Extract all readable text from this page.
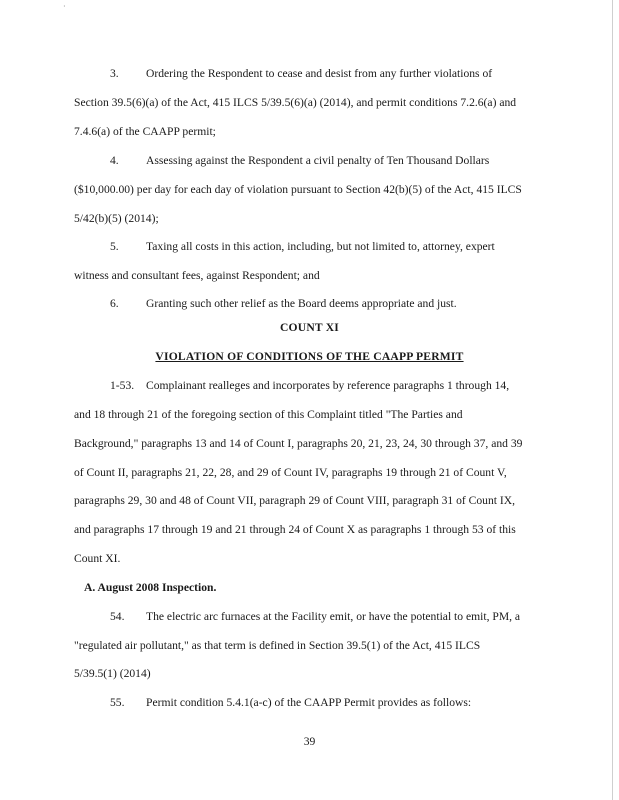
·
3. Ordering the Respondent to cease and desist from any further violations of
Section 39.5(6)(a) of the Act, 415 ILCS 5/39.5(6)(a) (2014), and permit conditions 7.2.6(a) and
7.4.6(a) of the CAAPP permit;
4. Assessing against the Respondent a civil penalty of Ten Thousand Dollars
($10,000.00) per day for each day of violation pursuant to Section 42(b)(5) of the Act, 415 ILCS
5/42(b)(5) (2014);
5. Taxing all costs in this action, including, but not limited to, attorney, expert
witness and consultant fees, against Respondent; and
6. Granting such other relief as the Board deems appropriate and just.
COUNT XI
VIOLATION OF CONDITIONS OF THE CAAPP PERMIT
1-53. Complainant realleges and incorporates by reference paragraphs 1 through 14,
and 18 through 21 of the foregoing section of this Complaint titled "The Parties and
Background," paragraphs 13 and 14 of Count I, paragraphs 20, 21, 23, 24, 30 through 37, and 39
of Count II, paragraphs 21, 22, 28, and 29 of Count IV, paragraphs 19 through 21 of Count V,
paragraphs 29, 30 and 48 of Count VII, paragraph 29 of Count VIII, paragraph 31 of Count IX,
and paragraphs 17 through 19 and 21 through 24 of Count X as paragraphs 1 through 53 of this
Count XI.
A. August 2008 Inspection.
54. The electric arc furnaces at the Facility emit, or have the potential to emit, PM, a
"regulated air pollutant," as that term is defined in Section 39.5(1) of the Act, 415 ILCS
5/39.5(1) (2014)
55. Permit condition 5.4.1(a-c) of the CAAPP Permit provides as follows:
39
